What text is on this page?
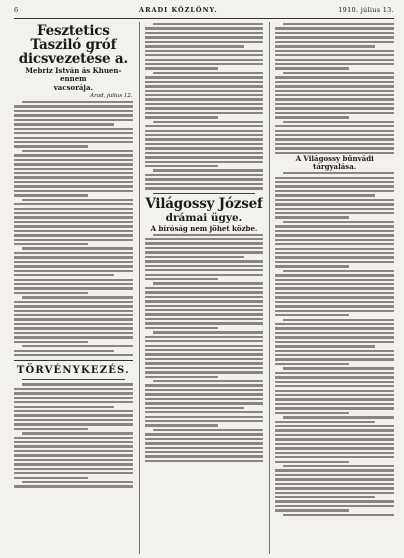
6	ARADI KÖZLÖNY.	1910. július 13.
Fesztetics Tasziló gróf dicsvezetése a.
Mebriz István ás Khuen-ennem
vacsorája.
Arad, julius 12.
TÖRVÉNYKEZÉS.
Világossy József
drámai ügye.
A bíróság nem jöhet közbe.
A Világossy bűnvádi tárgyalása.
